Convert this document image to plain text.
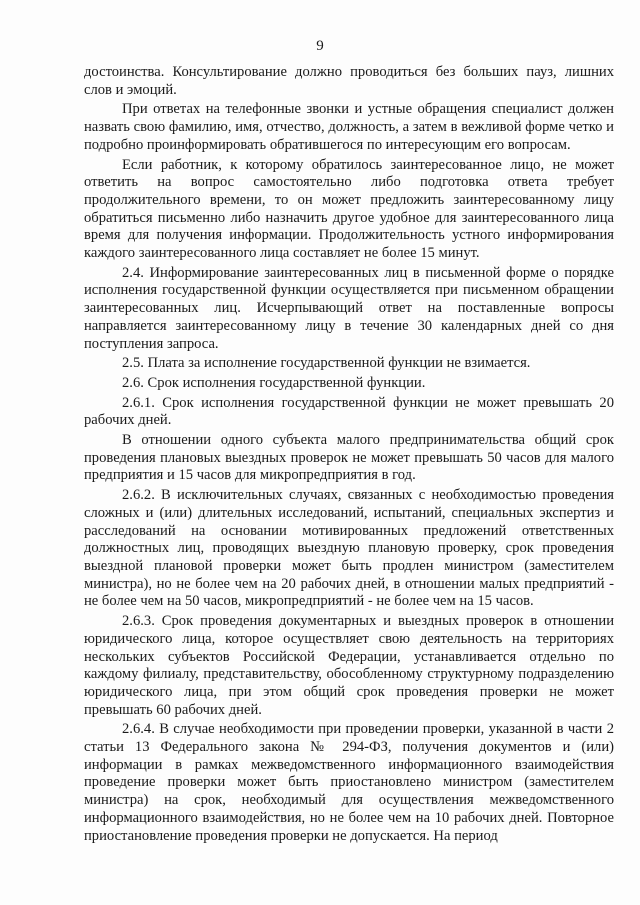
9

достоинства. Консультирование должно проводиться без больших пауз, лишних слов и эмоций.

При ответах на телефонные звонки и устные обращения специалист должен назвать свою фамилию, имя, отчество, должность, а затем в вежливой форме четко и подробно проинформировать обратившегося по интересующим его вопросам.

Если работник, к которому обратилось заинтересованное лицо, не может ответить на вопрос самостоятельно либо подготовка ответа требует продолжительного времени, то он может предложить заинтересованному лицу обратиться письменно либо назначить другое удобное для заинтересованного лица время для получения информации. Продолжительность устного информирования каждого заинтересованного лица составляет не более 15 минут.

2.4. Информирование заинтересованных лиц в письменной форме о порядке исполнения государственной функции осуществляется при письменном обращении заинтересованных лиц. Исчерпывающий ответ на поставленные вопросы направляется заинтересованному лицу в течение 30 календарных дней со дня поступления запроса.

2.5. Плата за исполнение государственной функции не взимается.

2.6. Срок исполнения государственной функции.

2.6.1. Срок исполнения государственной функции не может превышать 20 рабочих дней.

В отношении одного субъекта малого предпринимательства общий срок проведения плановых выездных проверок не может превышать 50 часов для малого предприятия и 15 часов для микропредприятия в год.

2.6.2. В исключительных случаях, связанных с необходимостью проведения сложных и (или) длительных исследований, испытаний, специальных экспертиз и расследований на основании мотивированных предложений ответственных должностных лиц, проводящих выездную плановую проверку, срок проведения выездной плановой проверки может быть продлен министром (заместителем министра), но не более чем на 20 рабочих дней, в отношении малых предприятий - не более чем на 50 часов, микропредприятий - не более чем на 15 часов.

2.6.3. Срок проведения документарных и выездных проверок в отношении юридического лица, которое осуществляет свою деятельность на территориях нескольких субъектов Российской Федерации, устанавливается отдельно по каждому филиалу, представительству, обособленному структурному подразделению юридического лица, при этом общий срок проведения проверки не может превышать 60 рабочих дней.

2.6.4. В случае необходимости при проведении проверки, указанной в части 2 статьи 13 Федерального закона № 294-ФЗ, получения документов и (или) информации в рамках межведомственного информационного взаимодействия проведение проверки может быть приостановлено министром (заместителем министра) на срок, необходимый для осуществления межведомственного информационного взаимодействия, но не более чем на 10 рабочих дней. Повторное приостановление проведения проверки не допускается. На период
